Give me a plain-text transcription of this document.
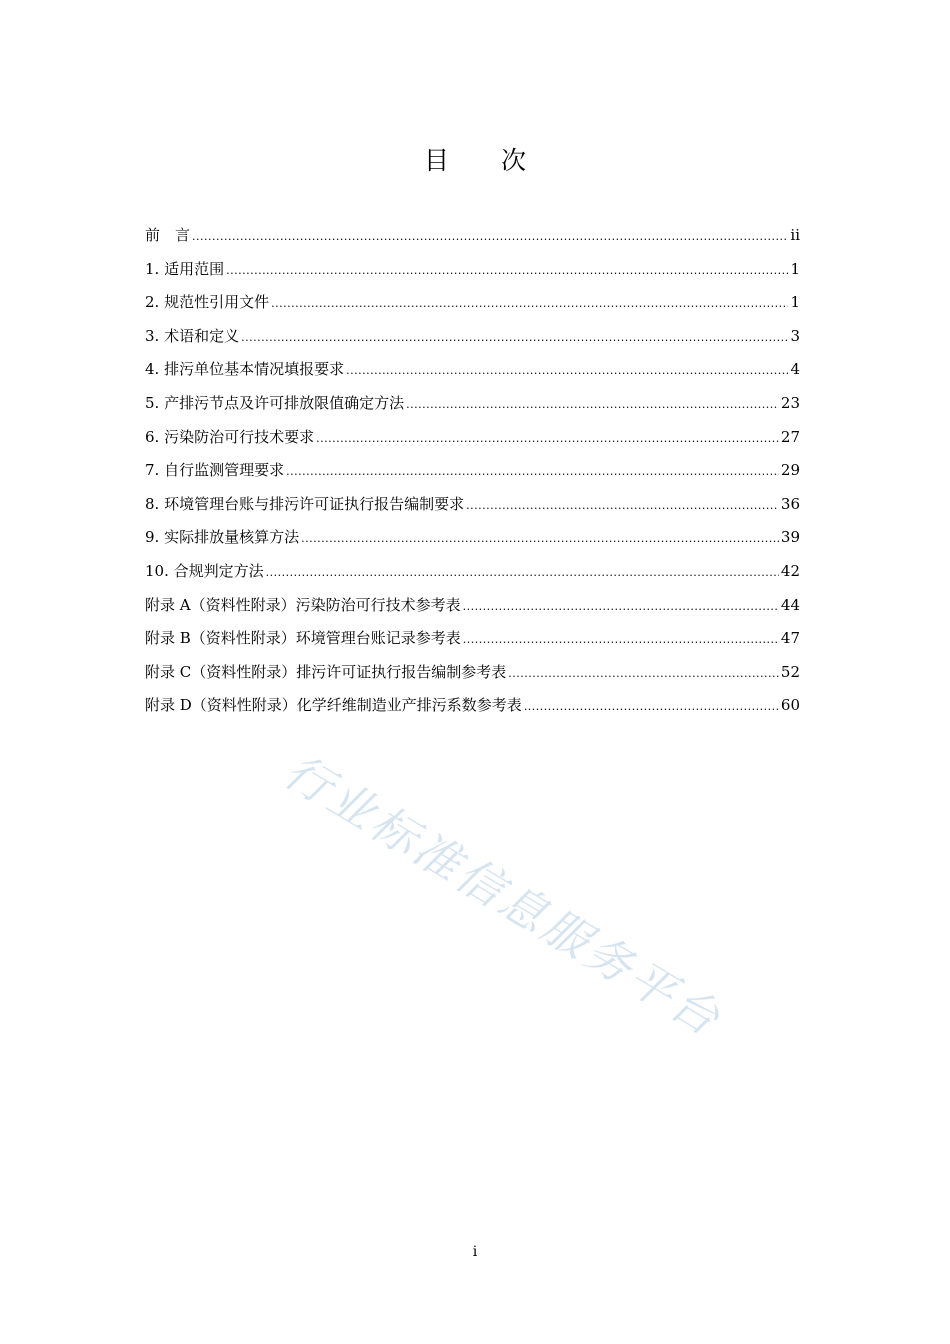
目 次
前　言 .....	ii
1. 适用范围 .....	1
2. 规范性引用文件 .....	1
3. 术语和定义 .....	3
4. 排污单位基本情况填报要求 .....	4
5. 产排污节点及许可排放限值确定方法 .....	23
6. 污染防治可行技术要求 .....	27
7. 自行监测管理要求 .....	29
8. 环境管理台账与排污许可证执行报告编制要求 .....	36
9. 实际排放量核算方法 .....	39
10. 合规判定方法 .....	42
附录 A（资料性附录）污染防治可行技术参考表 .....	44
附录 B（资料性附录）环境管理台账记录参考表 .....	47
附录 C（资料性附录）排污许可证执行报告编制参考表 .....	52
附录 D（资料性附录）化学纤维制造业产排污系数参考表 .....	60
行业标准信息服务平台
i
